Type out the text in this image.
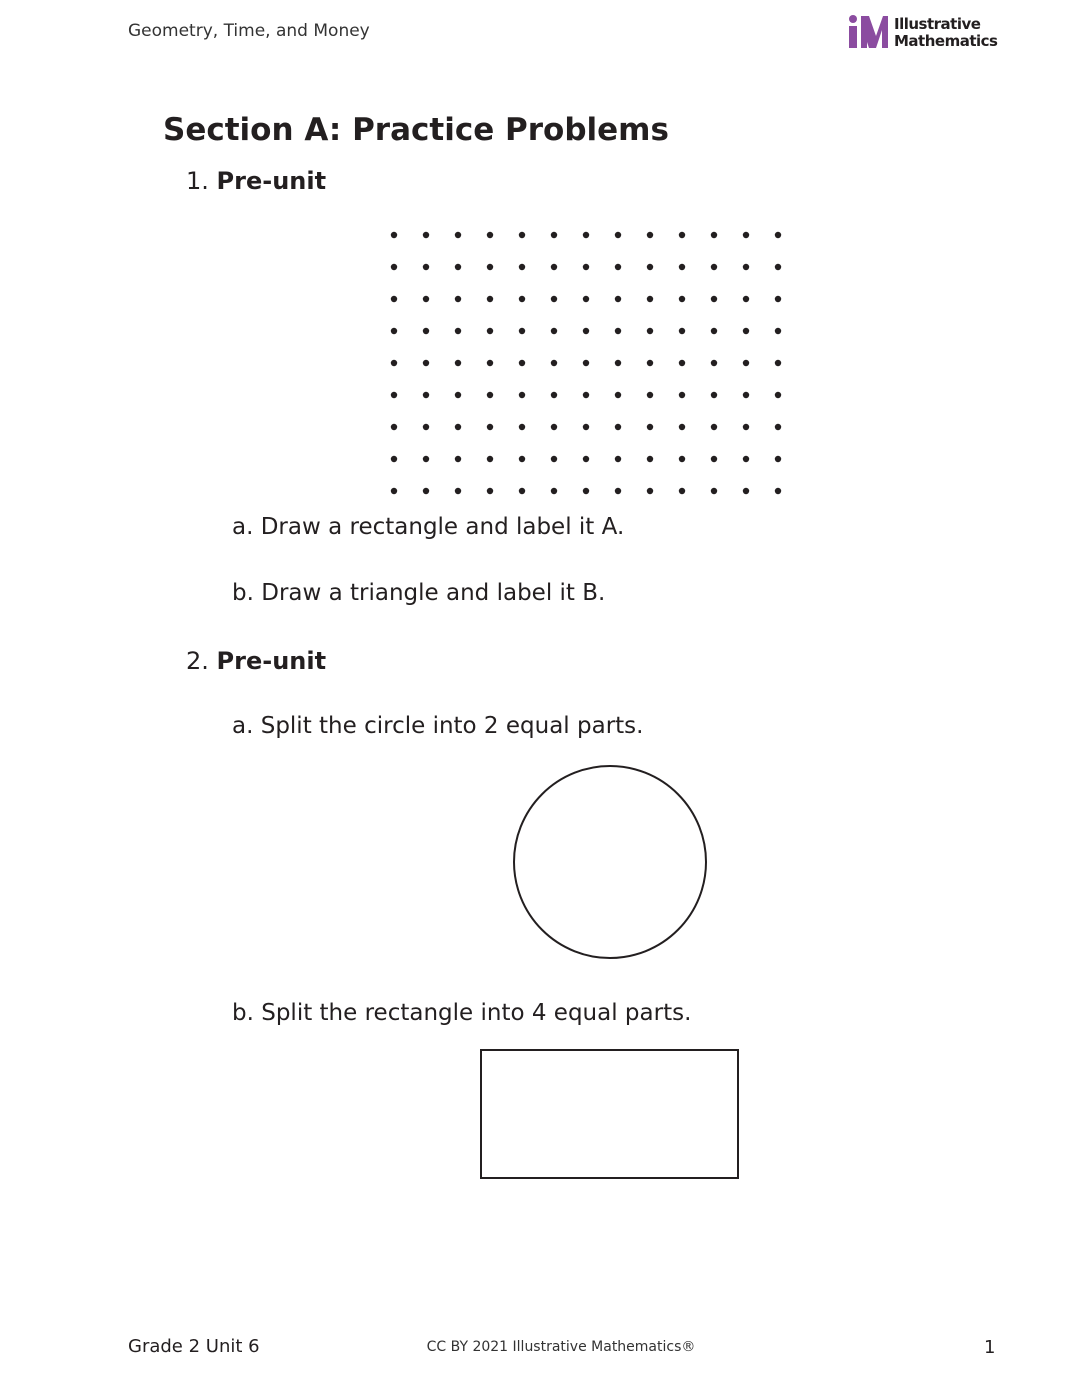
Geometry, Time, and Money	Illustrative
Mathematics
Section A: Practice Problems
1. Pre-unit
a. Draw a rectangle and label it A.
b. Draw a triangle and label it B.
2. Pre-unit
a. Split the circle into 2 equal parts.
b. Split the rectangle into 4 equal parts.
Grade 2 Unit 6	CC BY 2021 Illustrative Mathematics®	1
